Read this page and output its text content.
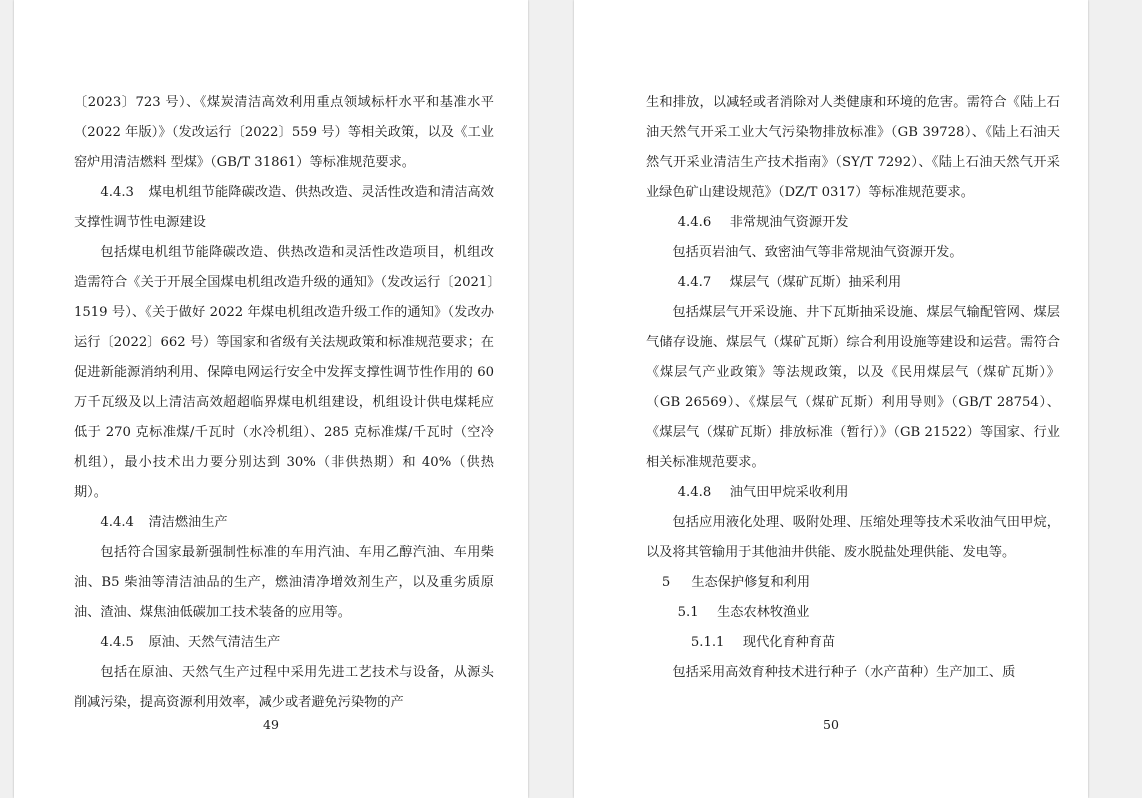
〔2023〕723 号）、《煤炭清洁高效利用重点领域标杆水平和基准水平（2022 年版）》（发改运行〔2022〕559 号）等相关政策，以及《工业窑炉用清洁燃料 型煤》（GB/T 31861）等标准规范要求。

4.4.3 煤电机组节能降碳改造、供热改造、灵活性改造和清洁高效支撑性调节性电源建设

包括煤电机组节能降碳改造、供热改造和灵活性改造项目，机组改造需符合《关于开展全国煤电机组改造升级的通知》（发改运行〔2021〕1519 号）、《关于做好 2022 年煤电机组改造升级工作的通知》（发改办运行〔2022〕662 号）等国家和省级有关法规政策和标准规范要求；在促进新能源消纳利用、保障电网运行安全中发挥支撑性调节性作用的 60 万千瓦级及以上清洁高效超超临界煤电机组建设，机组设计供电煤耗应低于 270 克标准煤/千瓦时（水冷机组）、285 克标准煤/千瓦时（空冷机组），最小技术出力要分别达到 30%（非供热期）和 40%（供热期）。

4.4.4 清洁燃油生产

包括符合国家最新强制性标准的车用汽油、车用乙醇汽油、车用柴油、B5 柴油等清洁油品的生产，燃油清净增效剂生产，以及重劣质原油、渣油、煤焦油低碳加工技术装备的应用等。

4.4.5 原油、天然气清洁生产

包括在原油、天然气生产过程中采用先进工艺技术与设备，从源头削减污染，提高资源利用效率，减少或者避免污染物的产

49

生和排放，以减轻或者消除对人类健康和环境的危害。需符合《陆上石油天然气开采工业大气污染物排放标准》（GB 39728）、《陆上石油天然气开采业清洁生产技术指南》（SY/T 7292）、《陆上石油天然气开采业绿色矿山建设规范》（DZ/T 0317）等标准规范要求。

4.4.6 非常规油气资源开发

包括页岩油气、致密油气等非常规油气资源开发。

4.4.7 煤层气（煤矿瓦斯）抽采利用

包括煤层气开采设施、井下瓦斯抽采设施、煤层气输配管网、煤层气储存设施、煤层气（煤矿瓦斯）综合利用设施等建设和运营。需符合《煤层气产业政策》等法规政策，以及《民用煤层气（煤矿瓦斯）》（GB 26569）、《煤层气（煤矿瓦斯）利用导则》（GB/T 28754）、《煤层气（煤矿瓦斯）排放标准（暂行）》（GB 21522）等国家、行业相关标准规范要求。

4.4.8 油气田甲烷采收利用

包括应用液化处理、吸附处理、压缩处理等技术采收油气田甲烷，以及将其管输用于其他油井供能、废水脱盐处理供能、发电等。

5 生态保护修复和利用

5.1 生态农林牧渔业

5.1.1 现代化育种育苗

包括采用高效育种技术进行种子（水产苗种）生产加工、质

50
